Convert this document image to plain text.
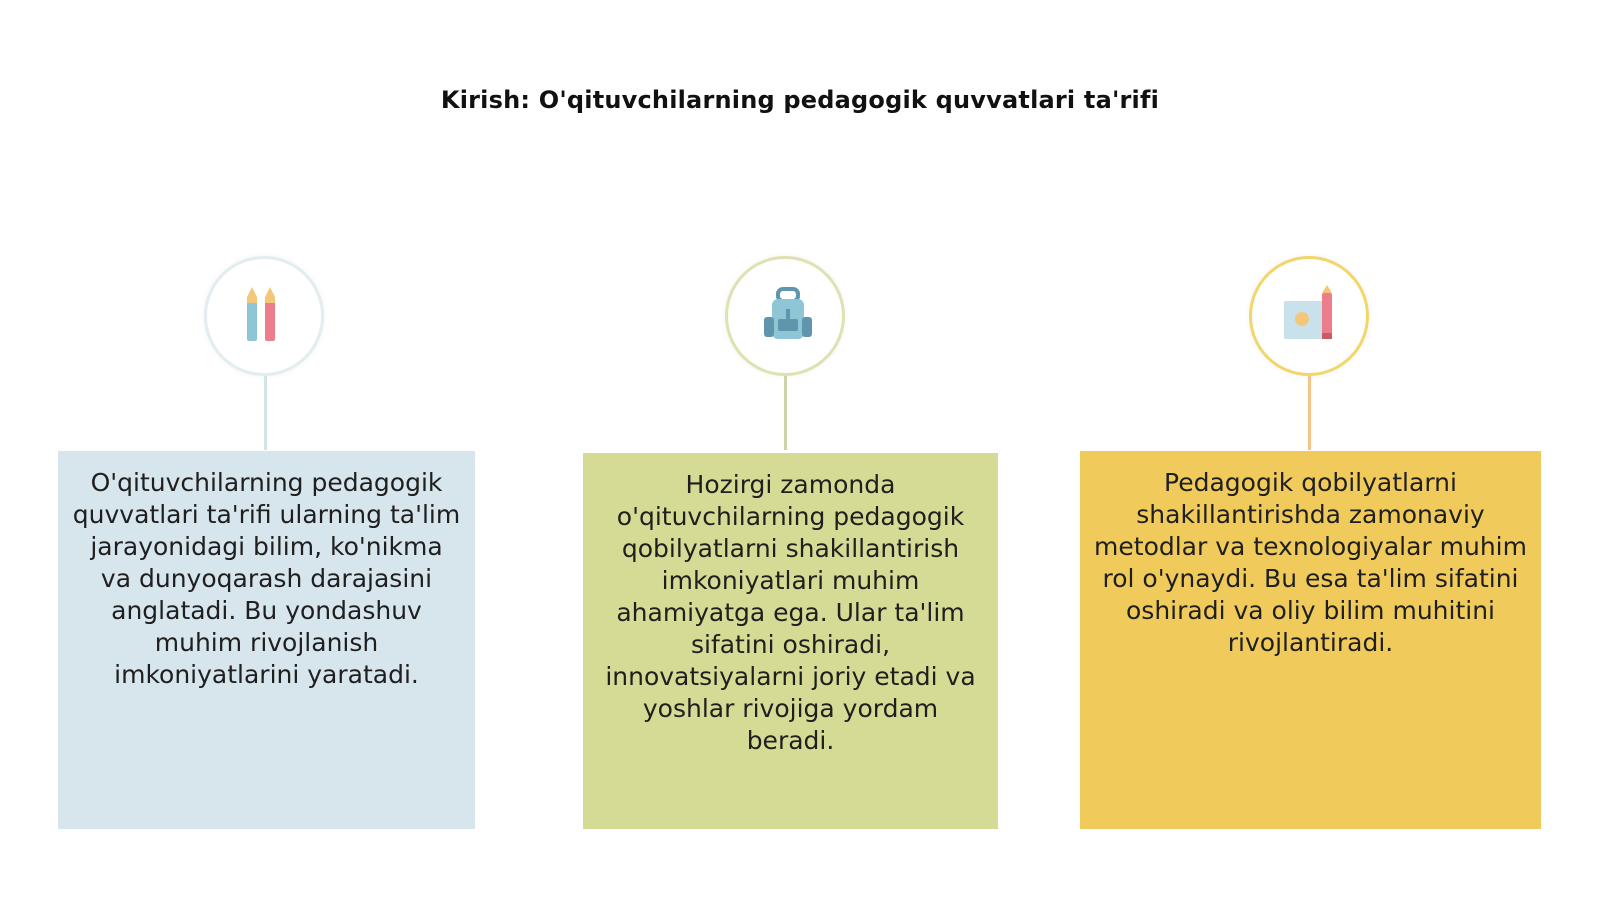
Kirish: O'qituvchilarning pedagogik quvvatlari ta'rifi
O'qituvchilarning pedagogik quvvatlari ta'rifi ularning ta'lim jarayonidagi bilim, ko'nikma va dunyoqarash darajasini anglatadi. Bu yondashuv muhim rivojlanish imkoniyatlarini yaratadi.
Hozirgi zamonda o'qituvchilarning pedagogik qobilyatlarni shakillantirish imkoniyatlari muhim ahamiyatga ega. Ular ta'lim sifatini oshiradi, innovatsiyalarni joriy etadi va yoshlar rivojiga yordam beradi.
Pedagogik qobilyatlarni shakillantirishda zamonaviy metodlar va texnologiyalar muhim rol o'ynaydi. Bu esa ta'lim sifatini oshiradi va oliy bilim muhitini rivojlantiradi.
